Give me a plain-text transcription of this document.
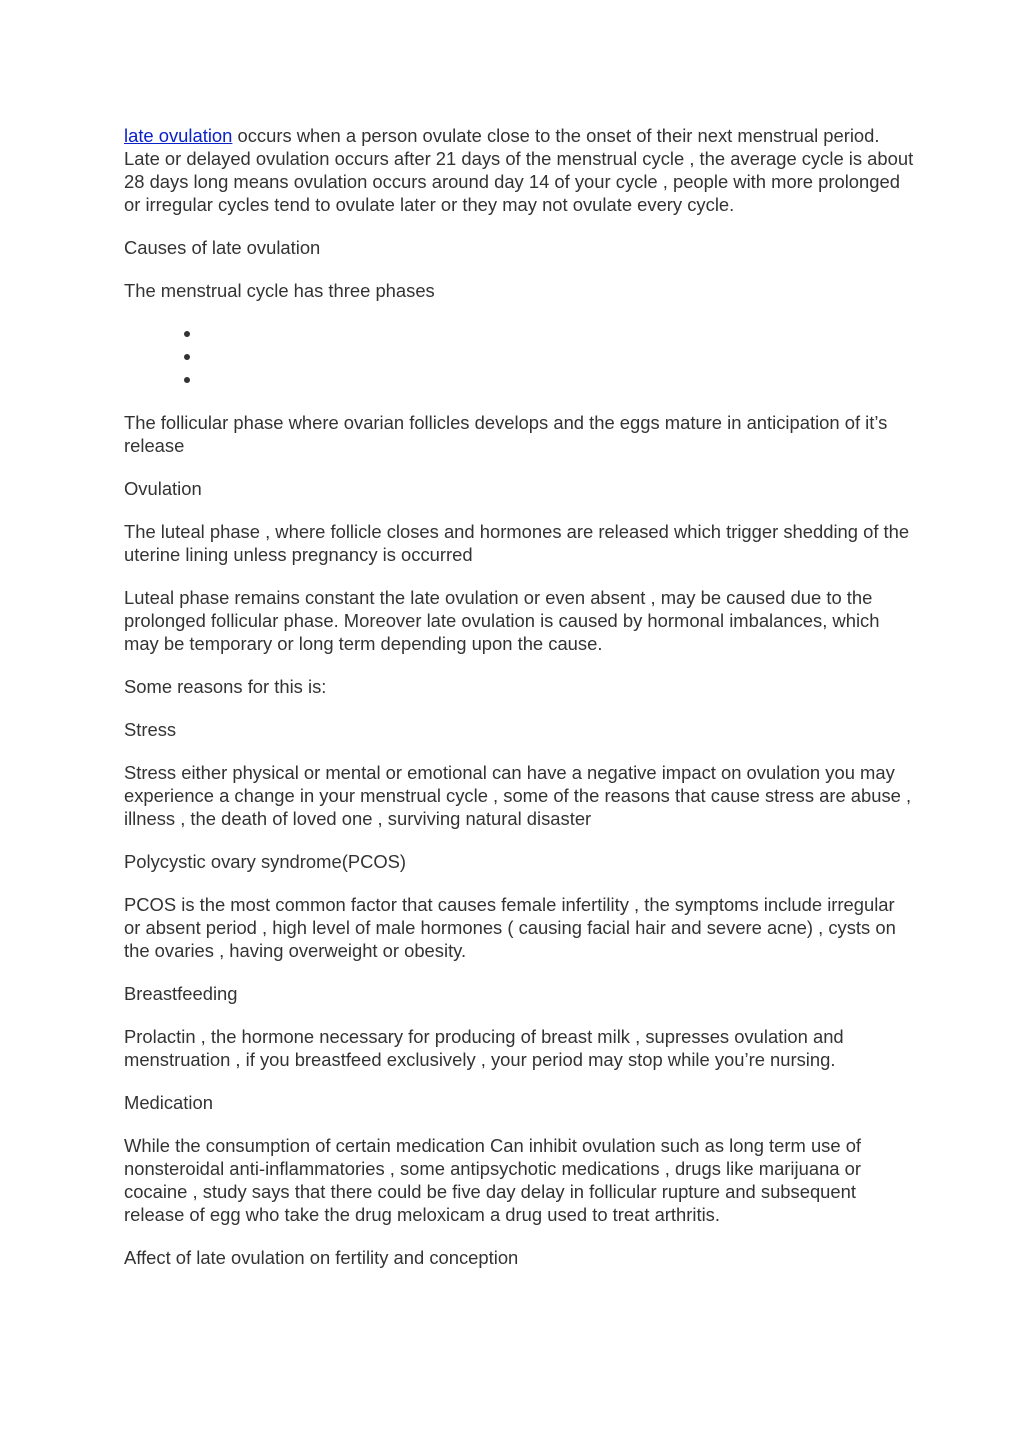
late ovulation occurs when a person ovulate close to the onset of their next menstrual period. Late or delayed ovulation occurs after 21 days of the menstrual cycle , the average cycle is about 28 days long means ovulation occurs around day 14 of your cycle , people with more prolonged or irregular cycles tend to ovulate later or they may not ovulate every cycle.

Causes of late ovulation

The menstrual cycle has three phases

The follicular phase where ovarian follicles develops and the eggs mature in anticipation of it’s release

Ovulation

The luteal phase , where follicle closes and hormones are released which trigger shedding of the uterine lining unless pregnancy is occurred

Luteal phase remains constant the late ovulation or even absent , may be caused due to the prolonged follicular phase. Moreover late ovulation is caused by hormonal imbalances, which may be temporary or long term depending upon the cause.

Some reasons for this is:

Stress

Stress either physical or mental or emotional can have a negative impact on ovulation you may experience a change in your menstrual cycle , some of the reasons that cause stress are abuse , illness , the death of loved one , surviving natural disaster

Polycystic ovary syndrome(PCOS)

PCOS is the most common factor that causes female infertility , the symptoms include irregular or absent period , high level of male hormones ( causing facial hair and severe acne) , cysts on the ovaries , having overweight or obesity.

Breastfeeding

Prolactin , the hormone necessary for producing of breast milk , supresses ovulation and menstruation , if you breastfeed exclusively , your period may stop while you’re nursing.

Medication

While the consumption of certain medication Can inhibit ovulation such as long term use of nonsteroidal anti-inflammatories , some antipsychotic medications , drugs like marijuana or cocaine , study says that there could be five day delay in follicular rupture and subsequent release of egg who take the drug meloxicam a drug used to treat arthritis.

Affect of late ovulation on fertility and conception
